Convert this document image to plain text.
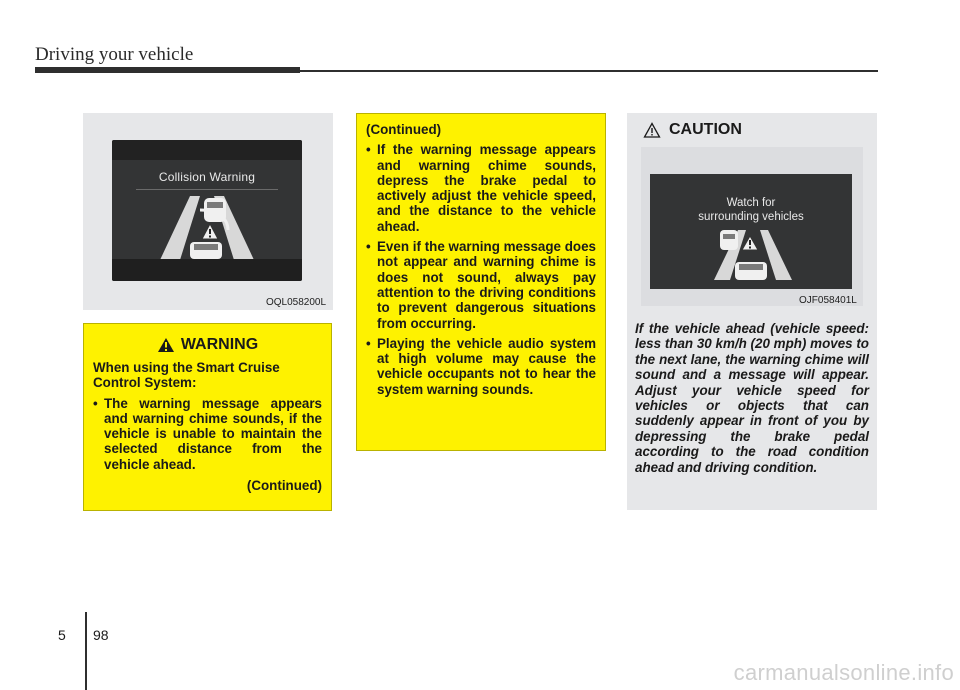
Driving your vehicle
Collision Warning
OQL058200L
WARNING
When using the Smart Cruise Control System:
• The warning message appears and warning chime sounds, if the vehicle is unable to maintain the selected distance from the vehicle ahead.
(Continued)
(Continued)
• If the warning message appears and warning chime sounds, depress the brake pedal to actively adjust the vehicle speed, and the distance to the vehicle ahead.
• Even if the warning message does not appear and warning chime is does not sound, always pay attention to the driving conditions to prevent dangerous situations from occurring.
• Playing the vehicle audio system at high volume may cause the vehicle occupants not to hear the system warning sounds.
CAUTION
Watch for
surrounding vehicles
OJF058401L
If the vehicle ahead (vehicle speed: less than 30 km/h (20 mph) moves to the next lane, the warning chime will sound and a message will appear. Adjust your vehicle speed for vehicles or objects that can suddenly appear in front of you by depressing the brake pedal according to the road condition ahead and driving condition.
5 98
carmanualsonline.info
